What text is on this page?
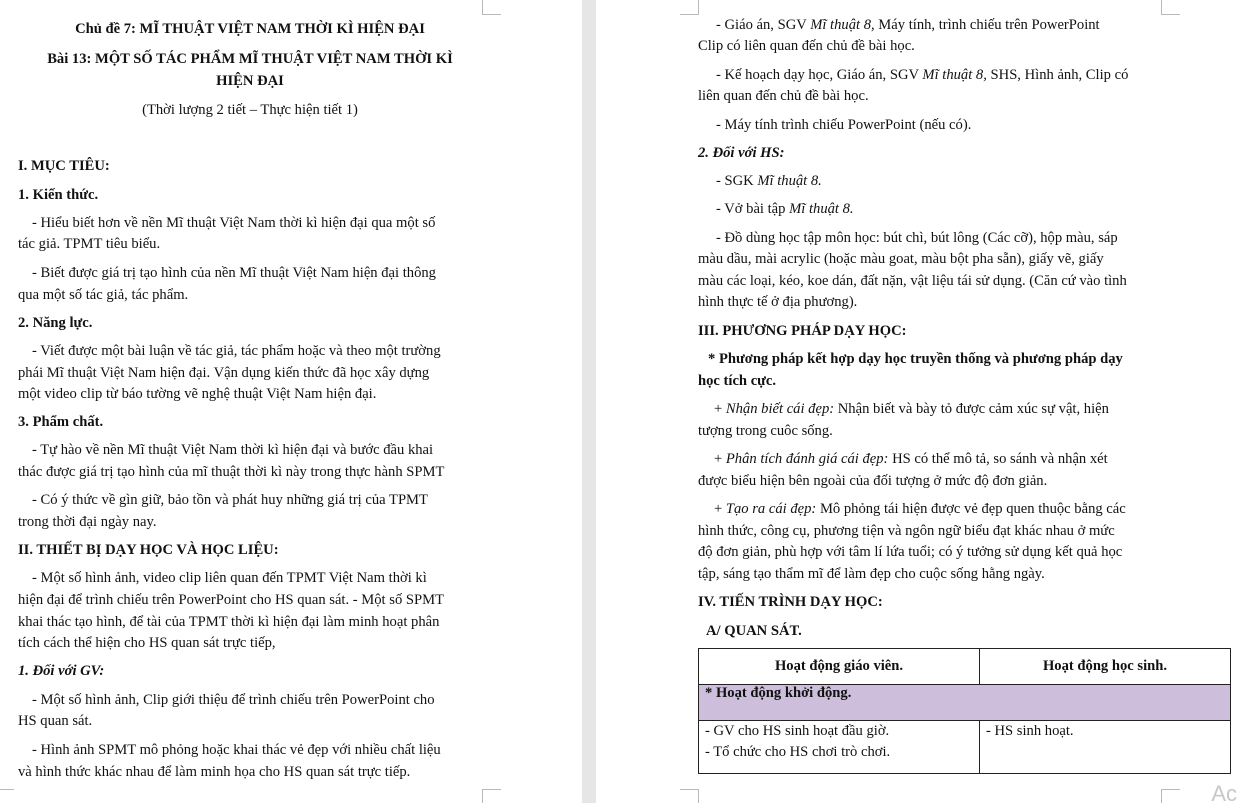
Chủ đề 7: MĨ THUẬT VIỆT NAM THỜI KÌ HIỆN ĐẠI
Bài 13: MỘT SỐ TÁC PHẨM MĨ THUẬT VIỆT NAM THỜI KÌ
HIỆN ĐẠI
(Thời lượng 2 tiết – Thực hiện tiết 1)
I. MỤC TIÊU:
1. Kiến thức.
- Hiểu biết hơn về nền Mĩ thuật Việt Nam thời kì hiện đại qua một số
tác giả. TPMT tiêu biểu.
- Biết được giá trị tạo hình của nền Mĩ thuật Việt Nam hiện đại thông
qua một số tác giả, tác phẩm.
2. Năng lực.
- Viết được một bài luận về tác giả, tác phẩm hoặc và theo một trường
phái Mĩ thuật Việt Nam hiện đại. Vận dụng kiến thức đã học xây dựng
một video clip từ báo tường vẽ nghệ thuật Việt Nam hiện đại.
3. Phẩm chất.
- Tự hào về nền Mĩ thuật Việt Nam thời kì hiện đại và bước đầu khai
thác được giá trị tạo hình của mĩ thuật thời kì này trong thực hành SPMT
- Có ý thức về gìn giữ, bảo tồn và phát huy những giá trị của TPMT
trong thời đại ngày nay.
II. THIẾT BỊ DẠY HỌC VÀ HỌC LIỆU:
- Một số hình ảnh, video clip liên quan đến TPMT Việt Nam thời kì
hiện đại để trình chiếu trên PowerPoint cho HS quan sát. - Một số SPMT
khai thác tạo hình, để tài của TPMT thời kì hiện đại làm minh hoạt phân
tích cách thể hiện cho HS quan sát trực tiếp,
1. Đối với GV:
- Một số hình ảnh, Clip giới thiệu để trình chiếu trên PowerPoint cho
HS quan sát.
- Hình ảnh SPMT mô phỏng hoặc khai thác vẻ đẹp với nhiều chất liệu
và hình thức khác nhau để làm minh họa cho HS quan sát trực tiếp.
- Giáo án, SGV Mĩ thuật 8, Máy tính, trình chiếu trên PowerPoint
Clip có liên quan đến chủ đề bài học.
- Kế hoạch dạy học, Giáo án, SGV Mĩ thuật 8, SHS, Hình ảnh, Clip có
liên quan đến chủ đề bài học.
- Máy tính trình chiếu PowerPoint (nếu có).
2. Đối với HS:
- SGK Mĩ thuật 8.
- Vở bài tập Mĩ thuật 8.
- Đồ dùng học tập môn học: bút chì, bút lông (Các cỡ), hộp màu, sáp
màu dầu, mài acrylic (hoặc màu goat, màu bột pha sẵn), giấy vẽ, giấy
màu các loại, kéo, koe dán, đất nặn, vật liệu tái sử dụng. (Căn cứ vào tình
hình thực tế ở địa phương).
III. PHƯƠNG PHÁP DẠY HỌC:
* Phương pháp kết hợp dạy học truyền thống và phương pháp dạy
học tích cực.
+ Nhận biết cái đẹp: Nhận biết và bày tỏ được cảm xúc sự vật, hiện
tượng trong cuôc sống.
+ Phân tích đánh giá cái đẹp: HS có thể mô tả, so sánh và nhận xét
được biểu hiện bên ngoài của đối tượng ở mức độ đơn giản.
+ Tạo ra cái đẹp: Mô phỏng tái hiện được vẻ đẹp quen thuộc bằng các
hình thức, công cụ, phương tiện và ngôn ngữ biểu đạt khác nhau ở mức
độ đơn giản, phù hợp với tâm lí lứa tuổi; có ý tưởng sử dụng kết quả học
tập, sáng tạo thẩm mĩ để làm đẹp cho cuộc sống hằng ngày.
IV. TIẾN TRÌNH DẠY HỌC:
A/ QUAN SÁT.
Hoạt động giáo viên.	Hoạt động học sinh.
* Hoạt động khởi động.	

- GV cho HS sinh hoạt đầu giờ.
- Tổ chức cho HS chơi trò chơi.	- HS sinh hoạt.
Ac
